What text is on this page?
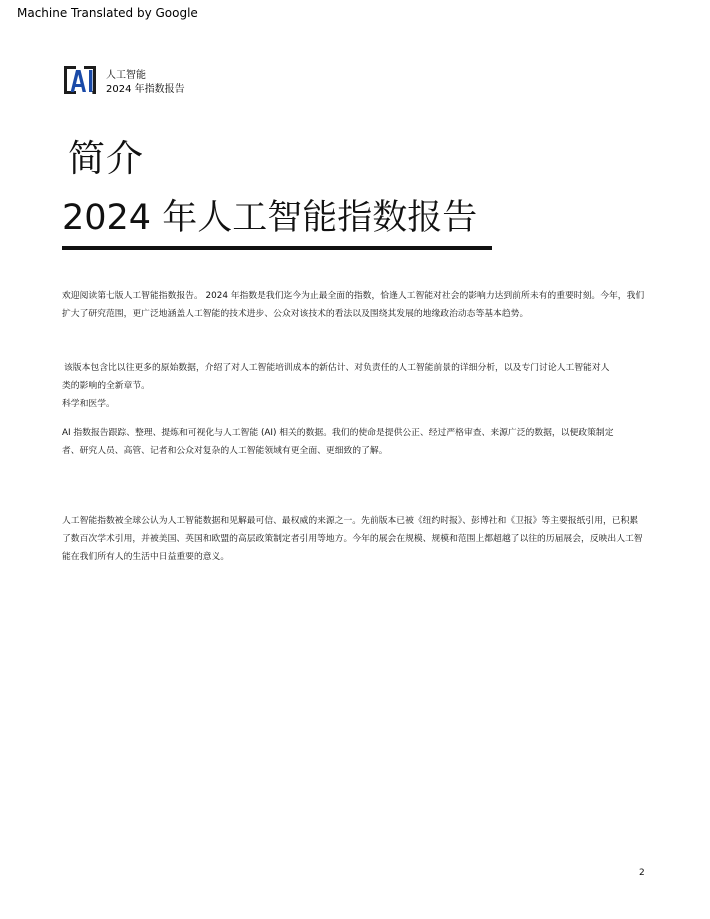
Machine Translated by Google
人工智能
2024 年指数报告
简介
2024 年人工智能指数报告
欢迎阅读第七版人工智能指数报告。 2024 年指数是我们迄今为止最全面的指数，恰逢人工智能对社会的影响力达到前所未有的重要时刻。今年，我们
扩大了研究范围，更广泛地涵盖人工智能的技术进步、公众对该技术的看法以及围绕其发展的地缘政治动态等基本趋势。
该版本包含比以往更多的原始数据，介绍了对人工智能培训成本的新估计、对负责任的人工智能前景的详细分析，以及专门讨论人工智能对人
类的影响的全新章节。
科学和医学。
AI 指数报告跟踪、整理、提炼和可视化与人工智能 (AI) 相关的数据。我们的使命是提供公正、经过严格审查、来源广泛的数据，以便政策制定
者、研究人员、高管、记者和公众对复杂的人工智能领域有更全面、更细致的了解。
人工智能指数被全球公认为人工智能数据和见解最可信、最权威的来源之一。先前版本已被《纽约时报》、彭博社和《卫报》等主要报纸引用，已积累
了数百次学术引用，并被美国、英国和欧盟的高层政策制定者引用等地方。今年的展会在规模、规模和范围上都超越了以往的历届展会，反映出人工智
能在我们所有人的生活中日益重要的意义。
2
